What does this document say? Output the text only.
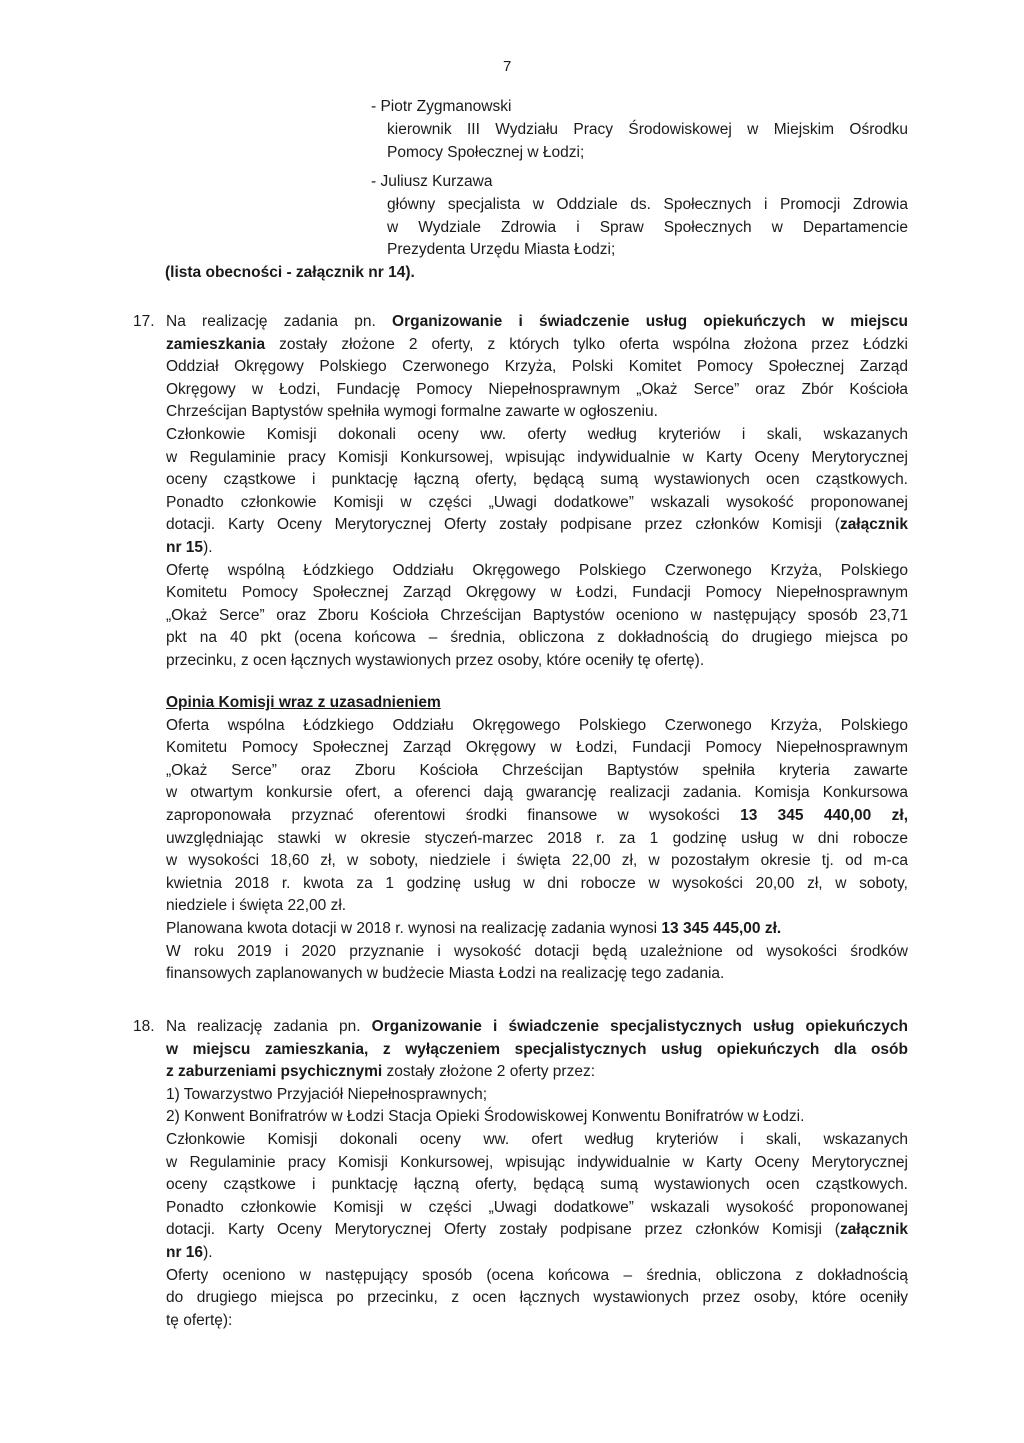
7
- Piotr Zygmanowski
kierownik III Wydziału Pracy Środowiskowej w Miejskim Ośrodku
Pomocy Społecznej w Łodzi;
- Juliusz Kurzawa
główny specjalista w Oddziale ds. Społecznych i Promocji Zdrowia
w Wydziale Zdrowia i Spraw Społecznych w Departamencie
Prezydenta Urzędu Miasta Łodzi;
(lista obecności - załącznik nr 14).
17. Na realizację zadania pn. Organizowanie i świadczenie usług opiekuńczych w miejscu
zamieszkania zostały złożone 2 oferty, z których tylko oferta wspólna złożona przez Łódzki
Oddział Okręgowy Polskiego Czerwonego Krzyża, Polski Komitet Pomocy Społecznej Zarząd
Okręgowy w Łodzi, Fundację Pomocy Niepełnosprawnym „Okaż Serce” oraz Zbór Kościoła
Chrześcijan Baptystów spełniła wymogi formalne zawarte w ogłoszeniu.
Członkowie Komisji dokonali oceny ww. oferty według kryteriów i skali, wskazanych
w Regulaminie pracy Komisji Konkursowej, wpisując indywidualnie w Karty Oceny Merytorycznej
oceny cząstkowe i punktację łączną oferty, będącą sumą wystawionych ocen cząstkowych.
Ponadto członkowie Komisji w części „Uwagi dodatkowe” wskazali wysokość proponowanej
dotacji. Karty Oceny Merytorycznej Oferty zostały podpisane przez członków Komisji (załącznik
nr 15).
Ofertę wspólną Łódzkiego Oddziału Okręgowego Polskiego Czerwonego Krzyża, Polskiego
Komitetu Pomocy Społecznej Zarząd Okręgowy w Łodzi, Fundacji Pomocy Niepełnosprawnym
„Okaż Serce” oraz Zboru Kościoła Chrześcijan Baptystów oceniono w następujący sposób 23,71
pkt na 40 pkt (ocena końcowa – średnia, obliczona z dokładnością do drugiego miejsca po
przecinku, z ocen łącznych wystawionych przez osoby, które oceniły tę ofertę).
Opinia Komisji wraz z uzasadnieniem
Oferta wspólna Łódzkiego Oddziału Okręgowego Polskiego Czerwonego Krzyża, Polskiego
Komitetu Pomocy Społecznej Zarząd Okręgowy w Łodzi, Fundacji Pomocy Niepełnosprawnym
„Okaż Serce” oraz Zboru Kościoła Chrześcijan Baptystów spełniła kryteria zawarte
w otwartym konkursie ofert, a oferenci dają gwarancję realizacji zadania. Komisja Konkursowa
zaproponowała przyznać oferentowi środki finansowe w wysokości 13 345 440,00 zł,
uwzględniając stawki w okresie styczeń-marzec 2018 r. za 1 godzinę usług w dni robocze
w wysokości 18,60 zł, w soboty, niedziele i święta 22,00 zł, w pozostałym okresie tj. od m-ca
kwietnia 2018 r. kwota za 1 godzinę usług w dni robocze w wysokości 20,00 zł, w soboty,
niedziele i święta 22,00 zł.
Planowana kwota dotacji w 2018 r. wynosi na realizację zadania wynosi 13 345 445,00 zł.
W roku 2019 i 2020 przyznanie i wysokość dotacji będą uzależnione od wysokości środków
finansowych zaplanowanych w budżecie Miasta Łodzi na realizację tego zadania.
18. Na realizację zadania pn. Organizowanie i świadczenie specjalistycznych usług opiekuńczych
w miejscu zamieszkania, z wyłączeniem specjalistycznych usług opiekuńczych dla osób
z zaburzeniami psychicznymi zostały złożone 2 oferty przez:
1) Towarzystwo Przyjaciół Niepełnosprawnych;
2) Konwent Bonifratrów w Łodzi Stacja Opieki Środowiskowej Konwentu Bonifratrów w Łodzi.
Członkowie Komisji dokonali oceny ww. ofert według kryteriów i skali, wskazanych
w Regulaminie pracy Komisji Konkursowej, wpisując indywidualnie w Karty Oceny Merytorycznej
oceny cząstkowe i punktację łączną oferty, będącą sumą wystawionych ocen cząstkowych.
Ponadto członkowie Komisji w części „Uwagi dodatkowe” wskazali wysokość proponowanej
dotacji. Karty Oceny Merytorycznej Oferty zostały podpisane przez członków Komisji (załącznik
nr 16).
Oferty oceniono w następujący sposób (ocena końcowa – średnia, obliczona z dokładnością
do drugiego miejsca po przecinku, z ocen łącznych wystawionych przez osoby, które oceniły
tę ofertę):
